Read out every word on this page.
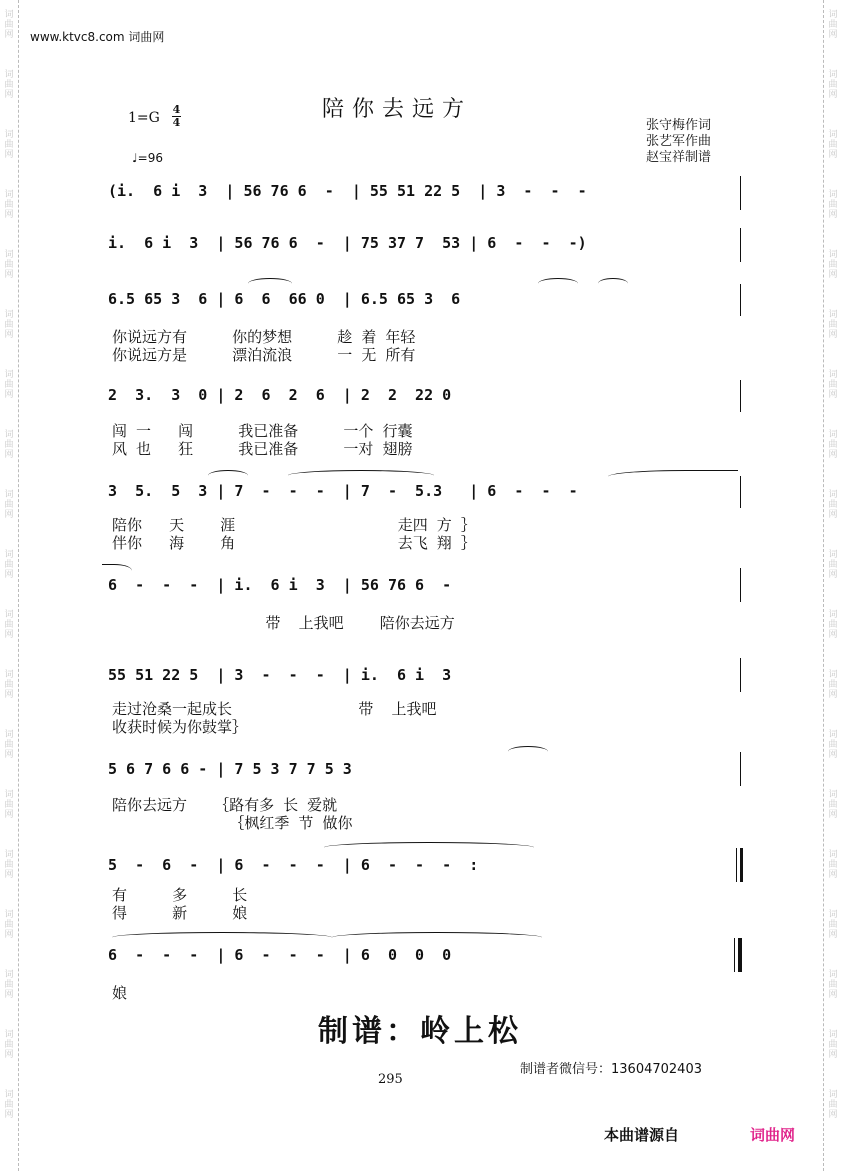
词
曲
网
词
曲
网
词
曲
网
词
曲
网
词
曲
网
词
曲
网
词
曲
网
词
曲
网
词
曲
网
词
曲
网
词
曲
网
词
曲
网
词
曲
网
词
曲
网
词
曲
网
词
曲
网
词
曲
网
词
曲
网
词
曲
网
词
曲
网
词
曲
网
词
曲
网
词
曲
网
词
曲
网
词
曲
网
词
曲
网
词
曲
网
词
曲
网
词
曲
网
词
曲
网
词
曲
网
词
曲
网
词
曲
网
词
曲
网
词
曲
网
词
曲
网
词
曲
网
词
曲
网
www.ktvc8.com 词曲网
陪你去远方
1=G
4
4
♩=96
张守梅作词
张艺军作曲
赵宝祥制谱
(i.  6 i  3  | 56 76 6  -  | 55 51 22 5  | 3  -  -  -
i.  6 i  3  | 56 76 6  -  | 75 37 7  53 | 6  -  -  -)
6.5 65 3  6 | 6  6  66 0  | 6.5 65 3  6
你说远方有     你的梦想     趁 着 年轻
你说远方是     漂泊流浪     一 无 所有
2  3.  3  0 | 2  6  2  6  | 2  2  22 0
闯 一   闯     我已准备     一个 行囊
风 也   狂     我已准备     一对 翅膀
3  5.  5  3 | 7  -  -  -  | 7  -  5.3   | 6  -  -  -
陪你   天    涯                  走四 方 ｝
伴你   海    角                  去飞 翔 ｝
6  -  -  -  | i.  6 i  3  | 56 76 6  -
带  上我吧    陪你去远方
55 51 22 5  | 3  -  -  -  | i.  6 i  3
走过沧桑一起成长              带  上我吧
收获时候为你鼓掌｝
5 6 7 6 6 - | 7 5 3 7 7 5 3
陪你去远方   ｛路有多 长 爱就
｛枫红季 节 做你
5  -  6  -  | 6  -  -  -  | 6  -  -  -  :
有     多     长
得     新     娘
6  -  -  -  | 6  -  -  -  | 6  0  0  0
娘
制谱：岭上松
制谱者微信号：13604702403
295
本曲谱源自	词曲网
